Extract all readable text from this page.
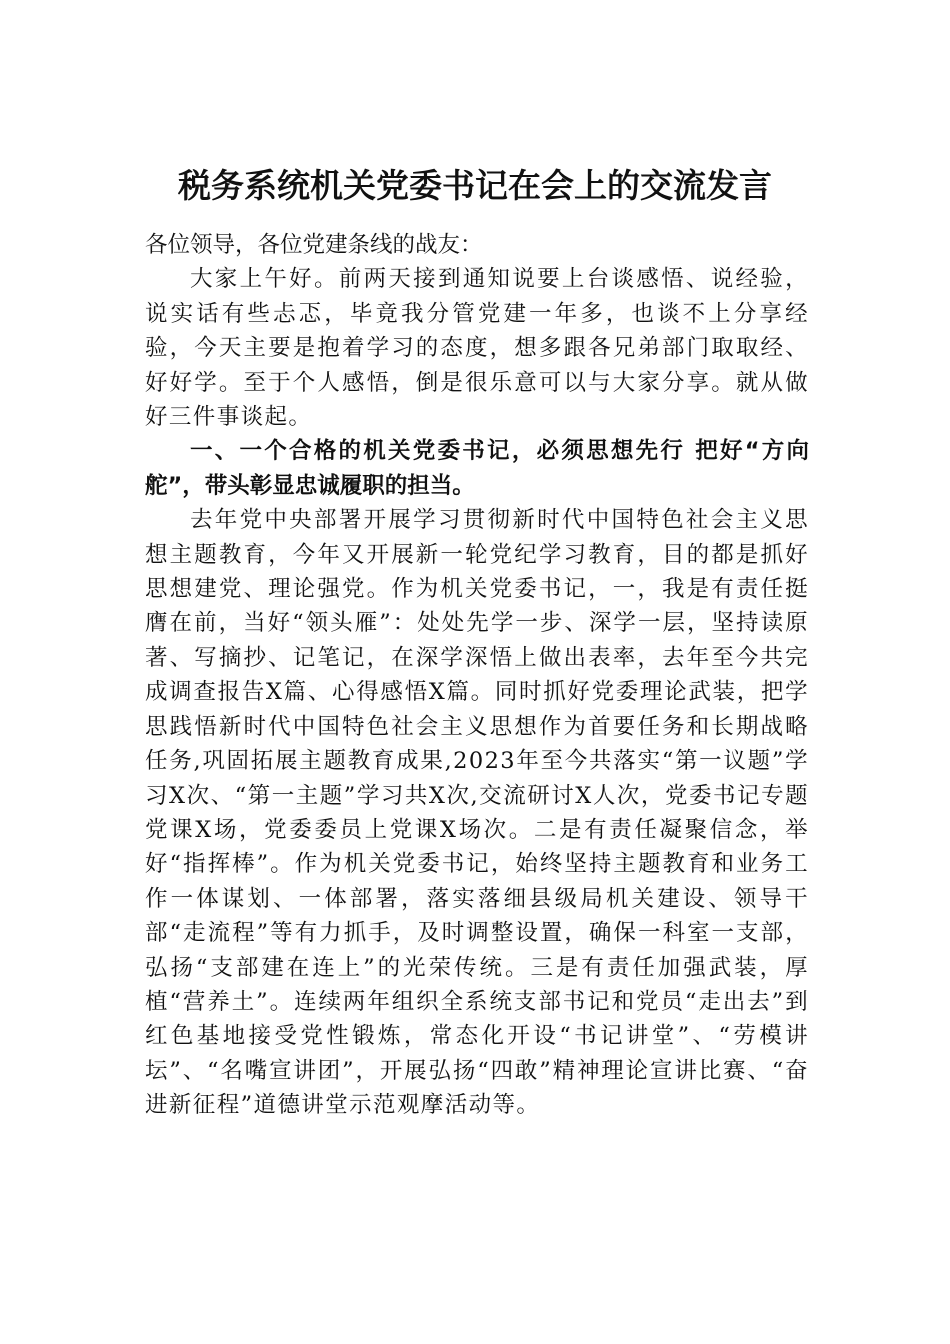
税务系统机关党委书记在会上的交流发言

各位领导，各位党建条线的战友：

大家上午好。前两天接到通知说要上台谈感悟、说经验，说实话有些忐忑，毕竟我分管党建一年多，也谈不上分享经验，今天主要是抱着学习的态度，想多跟各兄弟部门取取经、好好学。至于个人感悟，倒是很乐意可以与大家分享。就从做好三件事谈起。

一、一个合格的机关党委书记，必须思想先行 把好“方向舵”，带头彰显忠诚履职的担当。

去年党中央部署开展学习贯彻新时代中国特色社会主义思想主题教育，今年又开展新一轮党纪学习教育，目的都是抓好思想建党、理论强党。作为机关党委书记，一，我是有责任挺膺在前，当好“领头雁”：处处先学一步、深学一层，坚持读原著、写摘抄、记笔记，在深学深悟上做出表率，去年至今共完成调查报告X篇、心得感悟X篇。同时抓好党委理论武装，把学思践悟新时代中国特色社会主义思想作为首要任务和长期战略任务,巩固拓展主题教育成果,2023年至今共落实“第一议题”学习X次、“第一主题”学习共X次,交流研讨X人次，党委书记专题党课X场，党委委员上党课X场次。二是有责任凝聚信念，举好“指挥棒”。作为机关党委书记，始终坚持主题教育和业务工作一体谋划、一体部署，落实落细县级局机关建设、领导干部“走流程”等有力抓手，及时调整设置，确保一科室一支部，弘扬“支部建在连上”的光荣传统。三是有责任加强武装，厚植“营养土”。连续两年组织全系统支部书记和党员“走出去”到红色基地接受党性锻炼，常态化开设“书记讲堂”、“劳模讲坛”、“名嘴宣讲团”，开展弘扬“四敢”精神理论宣讲比赛、“奋进新征程”道德讲堂示范观摩活动等。
